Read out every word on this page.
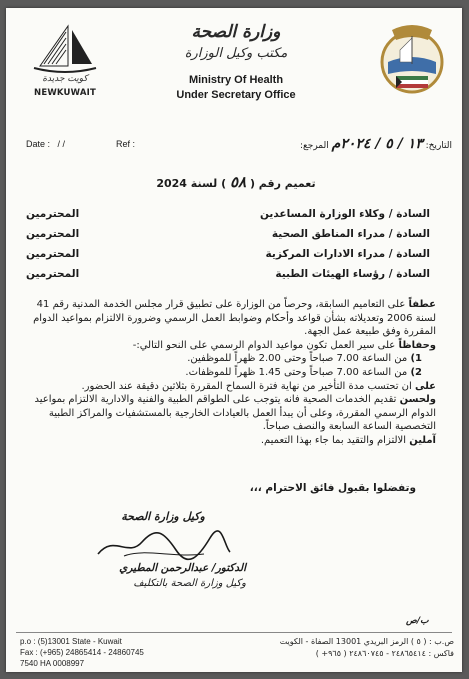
كويت جديدة
NEWKUWAIT
وزارة الصحة
مكتب وكيل الوزارة
Ministry Of Health
Under Secretary Office
Date : / /	Ref :	التاريخ: ١٣ / ٥ / ٢٠٢٤م المرجع:
تعميم رقم ( ٥٨ ) لسنة 2024
السادة / وكلاء الوزارة المساعدين
المحترمين
السادة / مدراء المناطق الصحية
المحترمين
السادة / مدراء الادارات المركزية
المحترمين
السادة / رؤساء الهيئات الطبية
المحترمين

عطفاً على التعاميم السابقة، وحرصاً من الوزارة على تطبيق قرار مجلس الخدمة المدنية رقم 41 لسنة 2006 وتعديلاته بشأن قواعد وأحكام وضوابط العمل الرسمي وضرورة الالتزام بمواعيد الدوام المقررة وفق طبيعة عمل الجهة.

وحفاظاً على سير العمل تكون مواعيد الدوام الرسمي على النحو التالي:-

1) من الساعة 7.00 صباحاً وحتى 2.00 ظهراً للموظفين.

2) من الساعة 7.00 صباحاً وحتى 1.45 ظهراً للموظفات.

على ان تحتسب مدة التأخير من نهاية فترة السماح المقررة بثلاثين دقيقة عند الحضور.

ولحسن تقديم الخدمات الصحية فانه يتوجب على الطواقم الطبية والفنية والادارية الالتزام بمواعيد الدوام الرسمي المقررة، وعلى أن يبدأ العمل بالعيادات الخارجية بالمستشفيات والمراكز الطبية التخصصية الساعة السابعة والنصف صباحاً.

آملين الالتزام والتقيد بما جاء بهذا التعميم.

وتفضلوا بقبول فائق الاحترام ،،،
وكيل وزارة الصحة
الدكتور/ عبدالرحمن المطيري
وكيل وزارة الصحة بالتكليف
ب/ص
p.o : (5)13001 State - Kuwait
Fax : (+965) 24865414 - 24860745
7540 HA 0008997
ص.ب : ( ٥ ) الرمز البريدي 13001 الصفاة - الكويت
فاكس : ٢٤٨٦٥٤١٤ - ٢٤٨٦٠٧٤٥ ( ٩٦٥+ )
